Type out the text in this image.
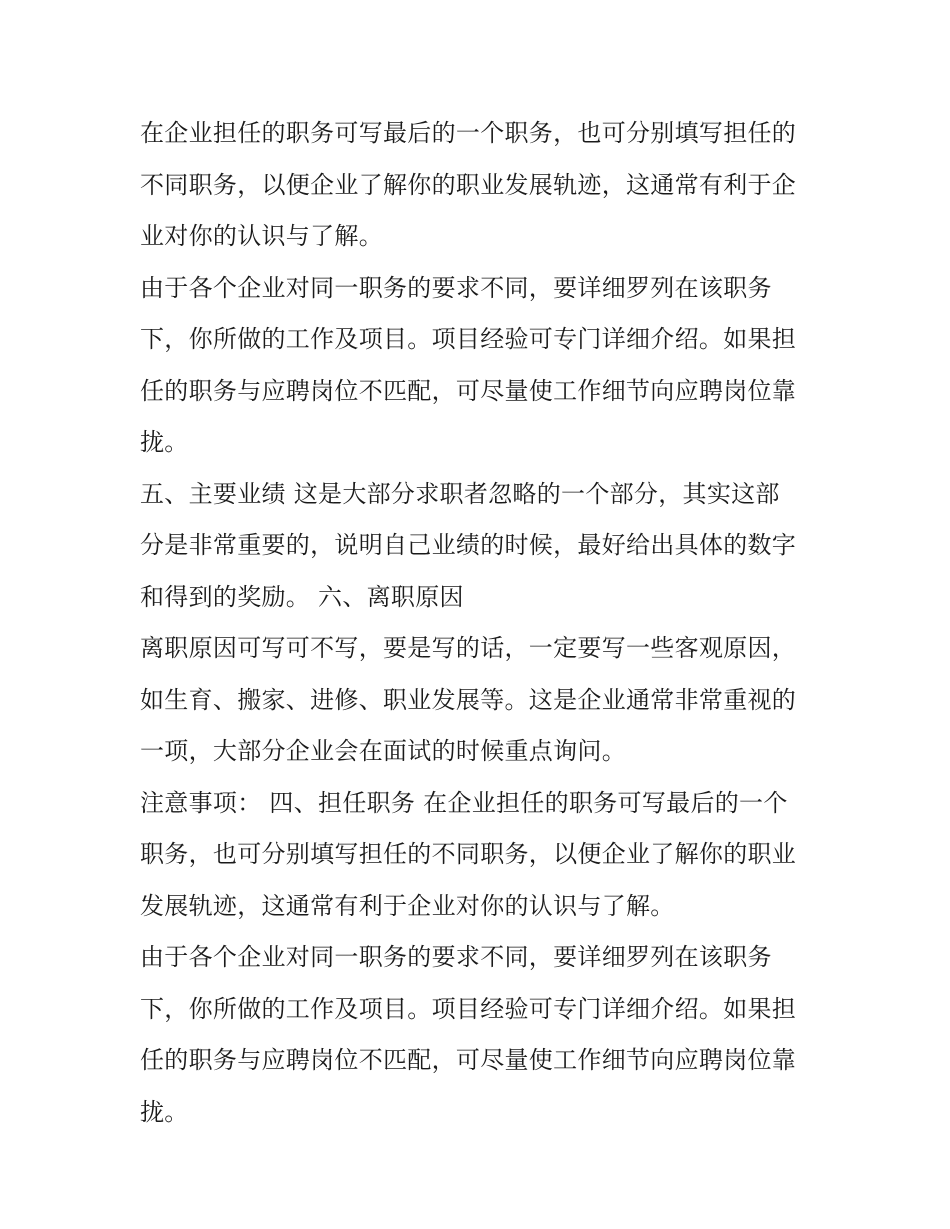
在企业担任的职务可写最后的一个职务，也可分别填写担任的
不同职务，以便企业了解你的职业发展轨迹，这通常有利于企
业对你的认识与了解。
由于各个企业对同一职务的要求不同，要详细罗列在该职务
下，你所做的工作及项目。项目经验可专门详细介绍。如果担
任的职务与应聘岗位不匹配，可尽量使工作细节向应聘岗位靠
拢。
五、主要业绩 这是大部分求职者忽略的一个部分，其实这部
分是非常重要的，说明自己业绩的时候，最好给出具体的数字
和得到的奖励。 六、离职原因
离职原因可写可不写，要是写的话，一定要写一些客观原因，
如生育、搬家、进修、职业发展等。这是企业通常非常重视的
一项，大部分企业会在面试的时候重点询问。
注意事项： 四、担任职务 在企业担任的职务可写最后的一个
职务，也可分别填写担任的不同职务，以便企业了解你的职业
发展轨迹，这通常有利于企业对你的认识与了解。
由于各个企业对同一职务的要求不同，要详细罗列在该职务
下，你所做的工作及项目。项目经验可专门详细介绍。如果担
任的职务与应聘岗位不匹配，可尽量使工作细节向应聘岗位靠
拢。
